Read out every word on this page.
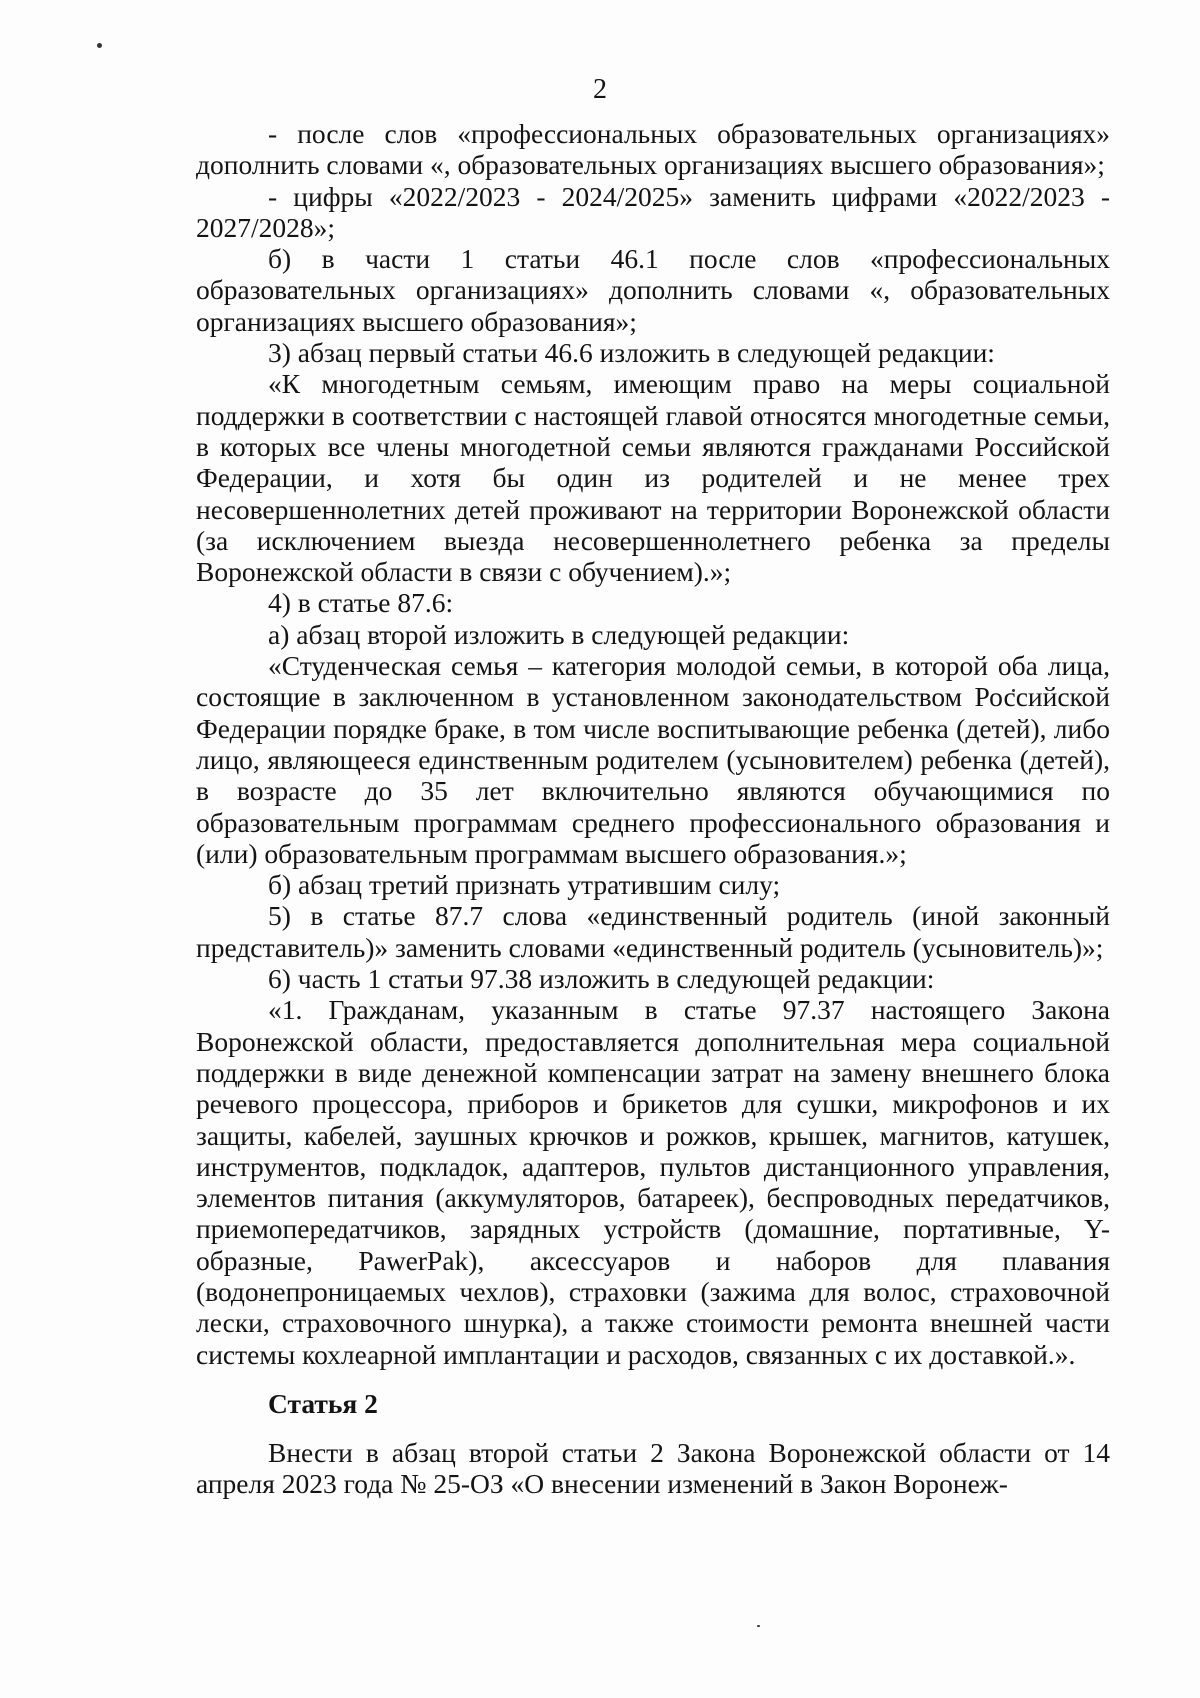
2

- после слов «профессиональных образовательных организациях» дополнить словами «, образовательных организациях высшего образования»;

- цифры «2022/2023 - 2024/2025» заменить цифрами «2022/2023 - 2027/2028»;

б) в части 1 статьи 46.1 после слов «профессиональных образовательных организациях» дополнить словами «, образовательных организациях высшего образования»;

3) абзац первый статьи 46.6 изложить в следующей редакции:

«К многодетным семьям, имеющим право на меры социальной поддержки в соответствии с настоящей главой относятся многодетные семьи, в которых все члены многодетной семьи являются гражданами Российской Федерации, и хотя бы один из родителей и не менее трех несовершеннолетних детей проживают на территории Воронежской области (за исключением выезда несовершеннолетнего ребенка за пределы Воронежской области в связи с обучением).»;

4) в статье 87.6:

а) абзац второй изложить в следующей редакции:

«Студенческая семья – категория молодой семьи, в которой оба лица, состоящие в заключенном в установленном законодательством Российской Федерации порядке браке, в том числе воспитывающие ребенка (детей), либо лицо, являющееся единственным родителем (усыновителем) ребенка (детей), в возрасте до 35 лет включительно являются обучающимися по образовательным программам среднего профессионального образования и (или) образовательным программам высшего образования.»;

б) абзац третий признать утратившим силу;

5) в статье 87.7 слова «единственный родитель (иной законный представитель)» заменить словами «единственный родитель (усыновитель)»;

6) часть 1 статьи 97.38 изложить в следующей редакции:

«1. Гражданам, указанным в статье 97.37 настоящего Закона Воронежской области, предоставляется дополнительная мера социальной поддержки в виде денежной компенсации затрат на замену внешнего блока речевого процессора, приборов и брикетов для сушки, микрофонов и их защиты, кабелей, заушных крючков и рожков, крышек, магнитов, катушек, инструментов, подкладок, адаптеров, пультов дистанционного управления, элементов питания (аккумуляторов, батареек), беспроводных передатчиков, приемопередатчиков, зарядных устройств (домашние, портативные, Y-образные, PawerPak), аксессуаров и наборов для плавания (водонепроницаемых чехлов), страховки (зажима для волос, страховочной лески, страховочного шнурка), а также стоимости ремонта внешней части системы кохлеарной имплантации и расходов, связанных с их доставкой.».

Статья 2

Внести в абзац второй статьи 2 Закона Воронежской области от 14 апреля 2023 года № 25-ОЗ «О внесении изменений в Закон Воронеж-
